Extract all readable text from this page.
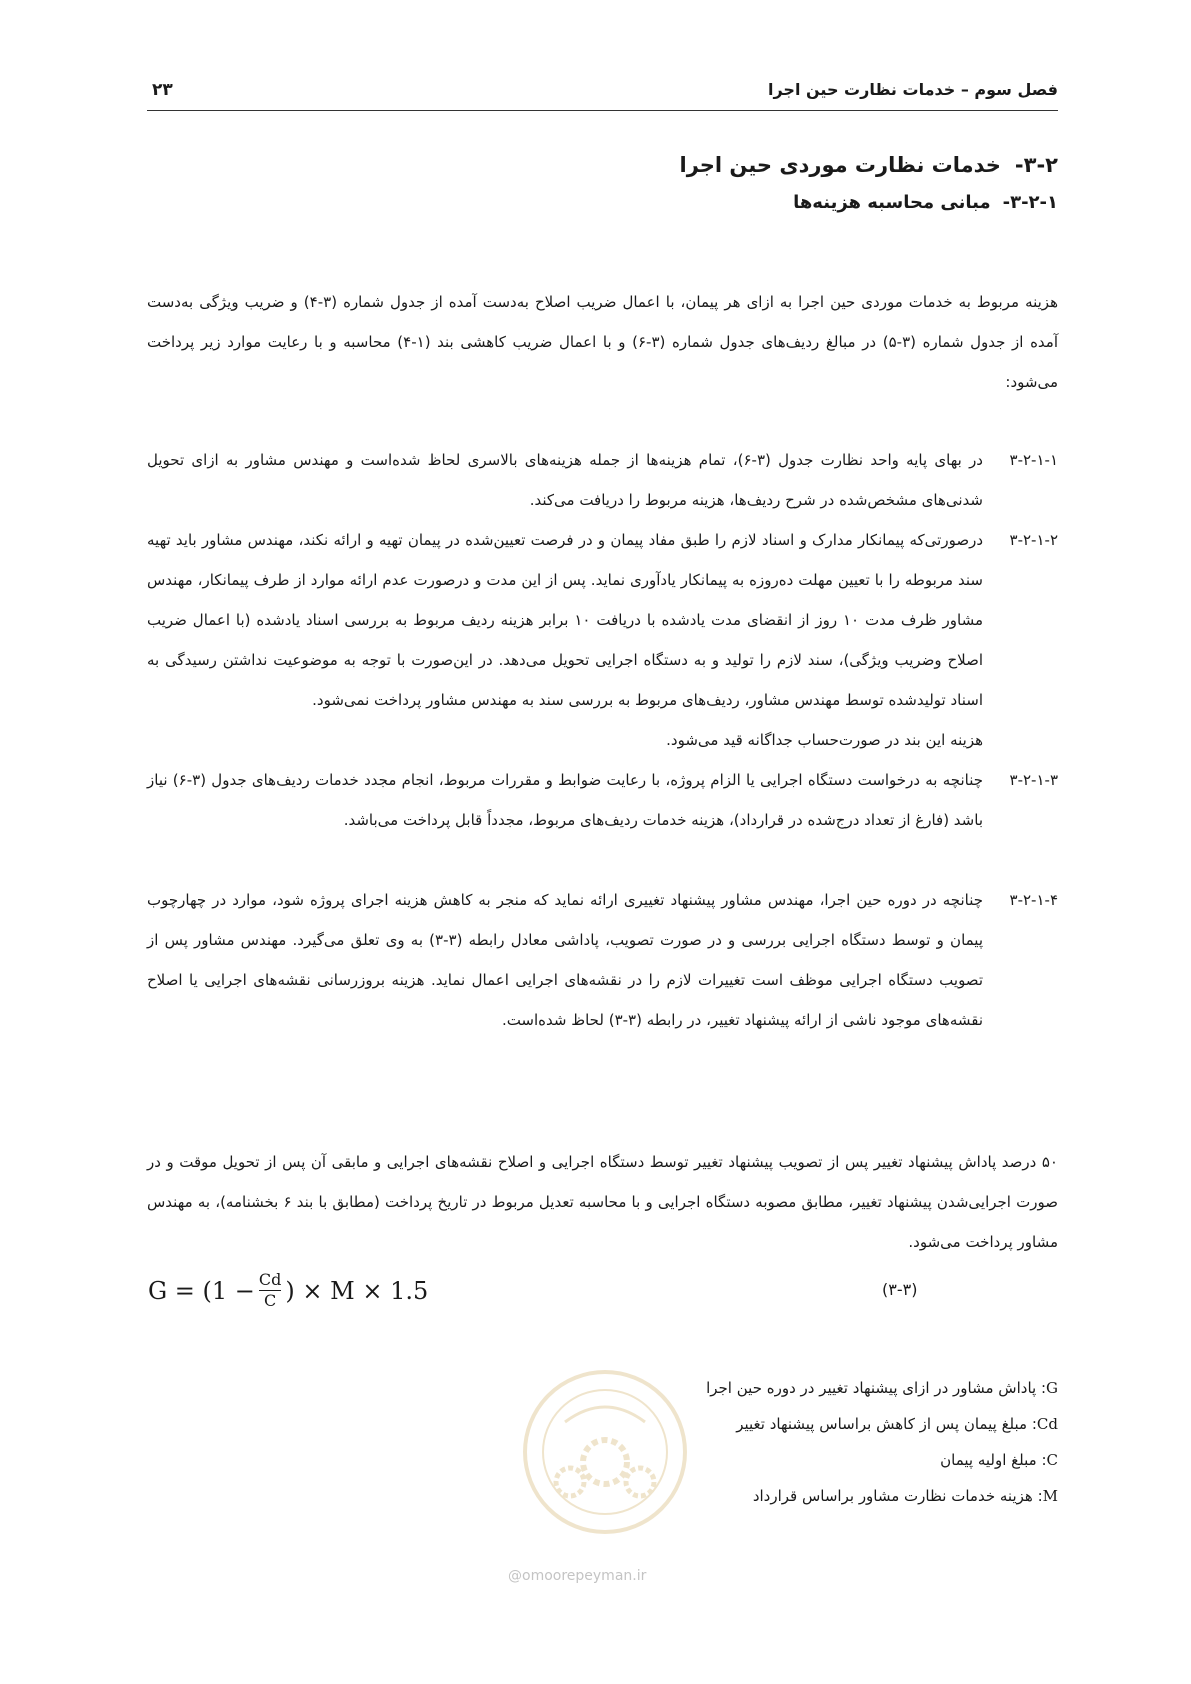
فصل سوم – خدمات نظارت حین اجرا
۲۳
۳-۲-خدمات نظارت موردی حین اجرا
۳-۲-۱-مبانی محاسبه هزینه‌ها

هزینه مربوط به خدمات موردی حین اجرا به ازای هر پیمان، با اعمال ضریب اصلاح به‌دست آمده از جدول شماره (۳-۴) و ضریب ویژگی به‌دست آمده از جدول شماره (۳-۵) در مبالغ ردیف‌های جدول شماره (۳-۶) و با اعمال ضریب کاهشی بند (۱-۴) محاسبه و با رعایت موارد زیر پرداخت می‌شود:

۳-۲-۱-۱

در بهای پایه واحد نظارت جدول (۳-۶)، تمام هزینه‌ها از جمله هزینه‌های بالاسری لحاظ شده‌است و مهندس مشاور به ازای تحویل شدنی‌های مشخص‌شده در شرح ردیف‌ها، هزینه مربوط را دریافت می‌کند.

۳-۲-۱-۲

درصورتی‌که پیمانکار مدارک و اسناد لازم را طبق مفاد پیمان و در فرصت تعیین‌شده در پیمان تهیه و ارائه نکند، مهندس مشاور باید تهیه سند مربوطه را با تعیین مهلت ده‌روزه به پیمانکار یادآوری نماید. پس از این مدت و درصورت عدم ارائه موارد از طرف پیمانکار، مهندس مشاور ظرف مدت ۱۰ روز از انقضای مدت یادشده با دریافت ۱۰ برابر هزینه ردیف مربوط به بررسی اسناد یادشده (با اعمال ضریب اصلاح وضریب ویژگی)، سند لازم را تولید و به دستگاه اجرایی تحویل می‌دهد. در این‌صورت با توجه به موضوعیت نداشتن رسیدگی به اسناد تولیدشده توسط مهندس مشاور، ردیف‌های مربوط به بررسی سند به مهندس مشاور پرداخت نمی‌شود.

هزینه این بند در صورت‌حساب جداگانه قید می‌شود.

۳-۲-۱-۳

چنانچه به درخواست دستگاه اجرایی یا الزام پروژه، با رعایت ضوابط و مقررات مربوط، انجام مجدد خدمات ردیف‌های جدول (۳-۶) نیاز باشد (فارغ از تعداد درج‌شده در قرارداد)، هزینه خدمات ردیف‌های مربوط، مجدداً قابل پرداخت می‌باشد.

۳-۲-۱-۴

چنانچه در دوره حین اجرا، مهندس مشاور پیشنهاد تغییری ارائه نماید که منجر به کاهش هزینه اجرای پروژه شود، موارد در چهارچوب پیمان و توسط دستگاه اجرایی بررسی و در صورت تصویب، پاداشی معادل رابطه (۳-۳) به وی تعلق می‌گیرد. مهندس مشاور پس از تصویب دستگاه اجرایی موظف است تغییرات لازم را در نقشه‌های اجرایی اعمال نماید. هزینه بروزرسانی نقشه‌های اجرایی یا اصلاح نقشه‌های موجود ناشی از ارائه پیشنهاد تغییر، در رابطه (۳-۳) لحاظ شده‌است.

۵۰ درصد پاداش پیشنهاد تغییر پس از تصویب پیشنهاد تغییر توسط دستگاه اجرایی و اصلاح نقشه‌های اجرایی و مابقی آن پس از تحویل موقت و در صورت اجرایی‌شدن پیشنهاد تغییر، مطابق مصوبه دستگاه اجرایی و با محاسبه تعدیل مربوط در تاریخ پرداخت (مطابق با بند ۶ بخشنامه)، به مهندس مشاور پرداخت می‌شود.

$G = (1 - \frac{Cd}{C}$ ) × M × 1.5	(۳-۳)
@omoorepeyman.ir
G: پاداش مشاور در ازای پیشنهاد تغییر در دوره حین اجرا
Cd: مبلغ پیمان پس از کاهش براساس پیشنهاد تغییر
C: مبلغ اولیه پیمان
M: هزینه خدمات نظارت مشاور براساس قرارداد
